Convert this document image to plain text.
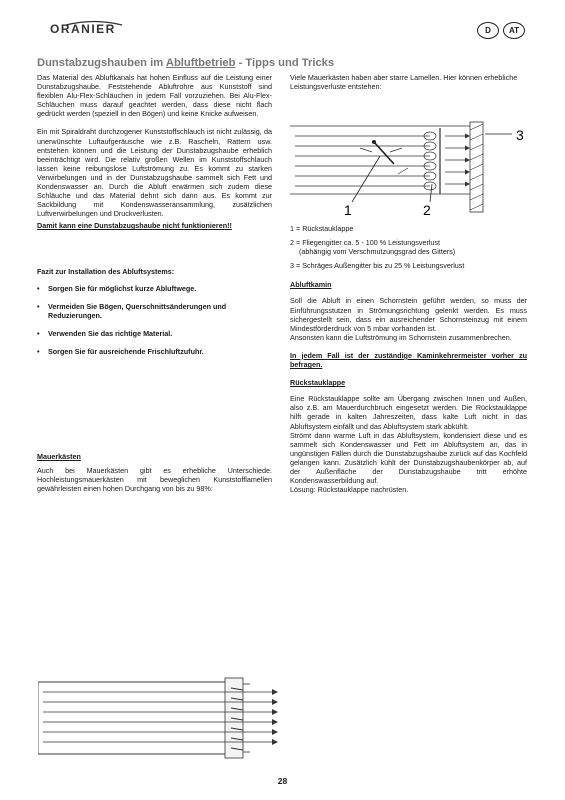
ORANIER	D	AT
Dunstabzugshauben im Abluftbetrieb - Tipps und Tricks

Das Material des Abluftkanals hat hohen Einfluss auf die Leistung einer Dunstabzugshaube. Feststehende Abluftrohre aus Kunststoff sind flexiblen Alu-Flex-Schläuchen in jedem Fall vorzuziehen. Bei Alu-Flex-Schläuchen muss darauf geachtet werden, dass diese nicht flach gedrückt werden (speziell in den Bögen) und keine Knicke aufweisen.

Ein mit Spiraldraht durchzogener Kunststoffschlauch ist nicht zulässig, da unerwünschte Luftaufgeräusche wie z.B. Rascheln, Rattern usw. entstehen können und die Leistung der Dunstabzugshaube erheblich beeinträchtigt wird. Die relativ großen Wellen im Kunststoffschlauch lassen keine reibungslose Luftströmung zu. Es kommt zu starken Verwirbelungen und in der Dunstabzugshaube sammelt sich Fett und Kondenswasser an. Durch die Abluft erwärmen sich zudem diese Schläuche und das Material dehnt sich dann aus. Es kommt zur Sackbildung mit Kondenswasseransammlung, zusätzlichen Luftverwirbelungen und Druckverlusten.

Damit kann eine Dunstabzugshaube nicht funktionieren!!

Fazit zur Installation des Abluftsystems:

• Sorgen Sie für möglichst kurze Abluftwege.
• Vermeiden Sie Bögen, Querschnittsänderungen und Reduzierungen.
• Verwenden Sie das richtige Material.
• Sorgen Sie für ausreichende Frischluftzufuhr.

Mauerkästen

Auch bei Mauerkästen gibt es erhebliche Unterschiede. Hochleistungsmauerkästen mit beweglichen Kunststofflamellen gewährleisten einen hohen Durchgang von bis zu 98%:

Viele Mauerkästen haben aber starre Lamellen. Hier können erhebliche Leistungsverluste entstehen:

1	2
3

1 = Rückstauklappe

2 = Fliegengitter ca. 5 - 100 % Leistungsverlust

(abhängig vom Verschmutzungsgrad des Gitters)

3 = Schräges Außengitter bis zu 25 % Leistungsverlust

Abluftkamin

Soll die Abluft in einen Schornstein geführt werden, so muss der Einführungsstutzen in Strömungsrichtung gelenkt werden. Es muss sichergestellt sein, dass ein ausreichender Schornsteinzug mit einem Mindestförderdruck von 5 mbar vorhanden ist.

Ansonsten kann die Luftströmung im Schornstein zusammenbrechen.

In jedem Fall ist der zuständige Kaminkehrermeister vorher zu befragen.

Rückstauklappe

Eine Rückstauklappe sollte am Übergang zwischen Innen und Außen, also z.B. am Mauerdurchbruch eingesetzt werden. Die Rückstauklappe hilft gerade in kalten Jahreszeiten, dass kalte Luft nicht in das Abluftsystem einfällt und das Abluftsystem stark abkühlt.

Strömt dann warme Luft in das Abluftsystem, kondensiert diese und es sammelt sich Kondenswasser und Fett im Abluftsystem an, das in ungünstigen Fällen durch die Dunstabzugshaube zurück auf das Kochfeld gelangen kann. Zusätzlich kühlt der Dunstabzugshaubenkörper ab, auf der Außenfläche der Dunstabzugshaube tritt erhöhte Kondenswasserbildung auf.

Lösung: Rückstauklappe nachrüsten.

28
